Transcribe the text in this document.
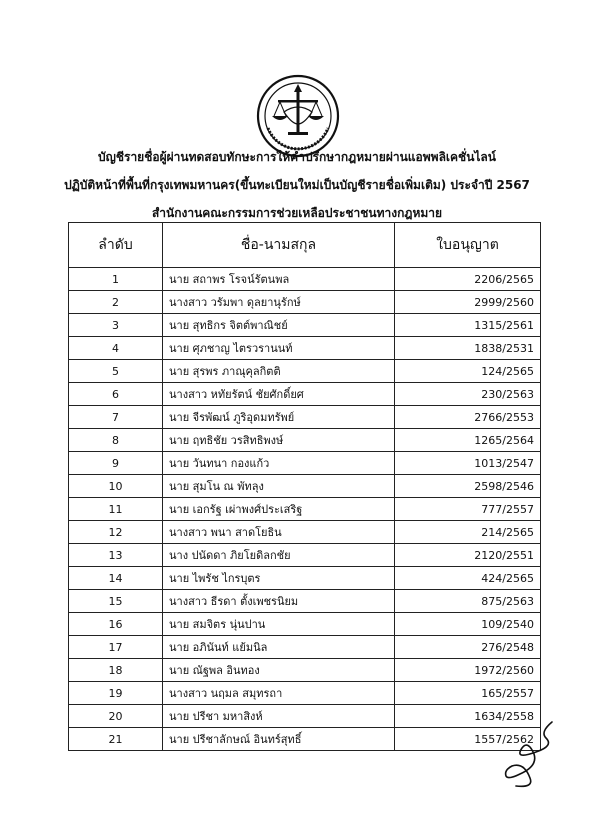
บัญชีรายชื่อผู้ผ่านทดสอบทักษะการให้คำปรึกษากฎหมายผ่านแอพพลิเคชั่นไลน์
ปฏิบัติหน้าที่พื้นที่กรุงเทพมหานคร(ขึ้นทะเบียนใหม่เป็นบัญชีรายชื่อเพิ่มเติม) ประจำปี 2567
สำนักงานคณะกรรมการช่วยเหลือประชาชนทางกฎหมาย
ลำดับ	ชื่อ-นามสกุล	ใบอนุญาต
1	นาย สถาพร โรจน์รัตนพล	2206/2565
2	นางสาว วรัมพา ดุลยานุรักษ์	2999/2560
3	นาย สุทธิกร จิตต์พาณิชย์	1315/2561
4	นาย ศุภชาญ ไตรวรานนท์	1838/2531
5	นาย สุรพร ภาณุคุลกิตติ	124/2565
6	นางสาว หทัยรัตน์ ชัยศักดิ์ยศ	230/2563
7	นาย จีรพัฒน์ ภูริอุดมทรัพย์	2766/2553
8	นาย ฤทธิชัย วรสิทธิพงษ์	1265/2564
9	นาย วันทนา กองแก้ว	1013/2547
10	นาย สุมโน ณ พัทลุง	2598/2546
11	นาย เอกรัฐ เผ่าพงศ์ประเสริฐ	777/2557
12	นางสาว พนา สาดโยธิน	214/2565
13	นาง ปนัดดา ภิยโยดิลกชัย	2120/2551
14	นาย ไพรัช ไกรบุตร	424/2565
15	นางสาว ธีรดา ตั้งเพชรนิยม	875/2563
16	นาย สมจิตร นุ่นปาน	109/2540
17	นาย อภินันท์ แย้มนิล	276/2548
18	นาย ณัฐพล อินทอง	1972/2560
19	นางสาว นฤมล สมุทรถา	165/2557
20	นาย ปรีชา มหาสิงห์	1634/2558
21	นาย ปรีชาลักษณ์ อินทร์สุทธิ์	1557/2562
